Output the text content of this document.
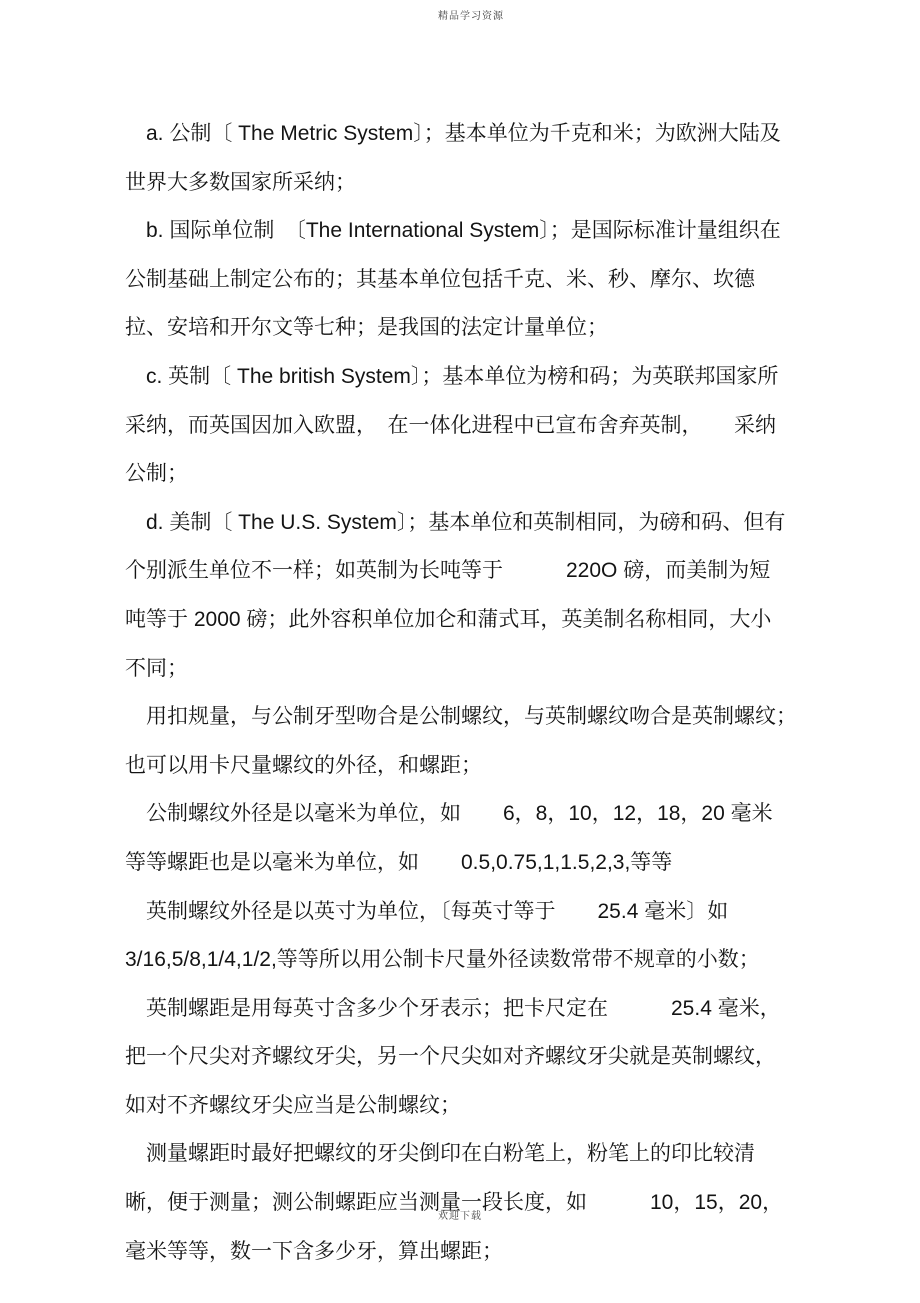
精品学习资源

a. 公制〔 The Metric System〕；基本单位为千克和米；为欧洲大陆及世界大多数国家所采纳；

b. 国际单位制　〔The International System〕；是国际标准计量组织在公制基础上制定公布的；其基本单位包括千克、米、秒、摩尔、坎德拉、安培和开尔文等七种；是我国的法定计量单位；

c. 英制〔 The british System〕；基本单位为榜和码；为英联邦国家所采纳，而英国因加入欧盟，　在一体化进程中已宣布舍弃英制，　　采纳公制；

d. 美制〔 The U.S. System〕；基本单位和英制相同，为磅和码、但有个别派生单位不一样；如英制为长吨等于　　　220O 磅，而美制为短吨等于 2000 磅；此外容积单位加仑和蒲式耳，英美制名称相同，大小不同；

用扣规量，与公制牙型吻合是公制螺纹，与英制螺纹吻合是英制螺纹；　也可以用卡尺量螺纹的外径，和螺距；

公制螺纹外径是以毫米为单位，如　　6，8，10，12，18，20 毫米等等螺距也是以毫米为单位，如　　0.5,0.75,1,1.5,2,3,等等

英制螺纹外径是以英寸为单位，〔每英寸等于　　25.4 毫米〕如 3/16,5/8,1/4,1/2,等等所以用公制卡尺量外径读数常带不规章的小数；

英制螺距是用每英寸含多少个牙表示；把卡尺定在　　　25.4 毫米，把一个尺尖对齐螺纹牙尖，另一个尺尖如对齐螺纹牙尖就是英制螺纹，　　　　如对不齐螺纹牙尖应当是公制螺纹；

测量螺距时最好把螺纹的牙尖倒印在白粉笔上，粉笔上的印比较清晰，便于测量；测公制螺距应当测量一段长度，如　　　10，15，20，毫米等等，数一下含多少牙，算出螺距；

欢迎下载
